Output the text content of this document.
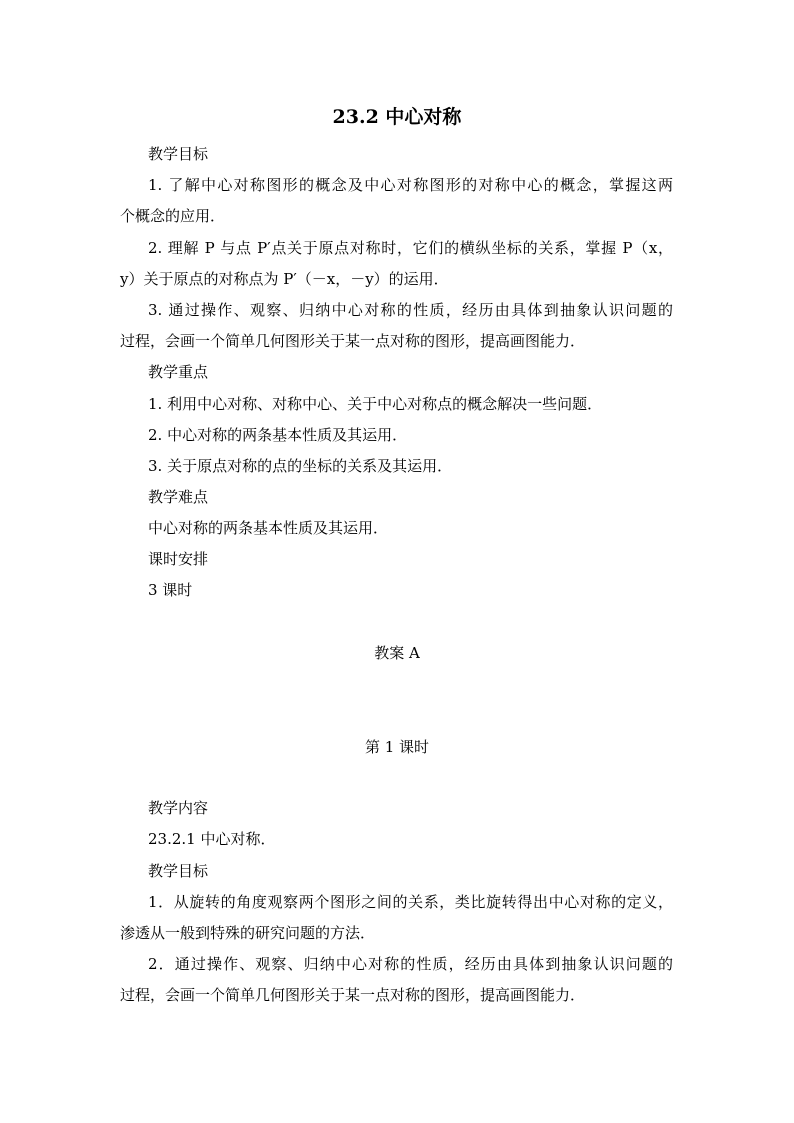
23.2 中心对称
教学目标
1. 了解中心对称图形的概念及中心对称图形的对称中心的概念，掌握这两
个概念的应用．
2. 理解 P 与点 P′点关于原点对称时，它们的横纵坐标的关系，掌握 P（x，
y）关于原点的对称点为 P′（－x，－y）的运用．
3. 通过操作、观察、归纳中心对称的性质，经历由具体到抽象认识问题的
过程，会画一个简单几何图形关于某一点对称的图形，提高画图能力．
教学重点
1. 利用中心对称、对称中心、关于中心对称点的概念解决一些问题．
2. 中心对称的两条基本性质及其运用．
3. 关于原点对称的点的坐标的关系及其运用．
教学难点
中心对称的两条基本性质及其运用．
课时安排
3 课时
教案 A
第 1 课时
教学内容
23.2.1 中心对称．
教学目标
1．从旋转的角度观察两个图形之间的关系，类比旋转得出中心对称的定义，
渗透从一般到特殊的研究问题的方法．
2．通过操作、观察、归纳中心对称的性质，经历由具体到抽象认识问题的
过程，会画一个简单几何图形关于某一点对称的图形，提高画图能力．
